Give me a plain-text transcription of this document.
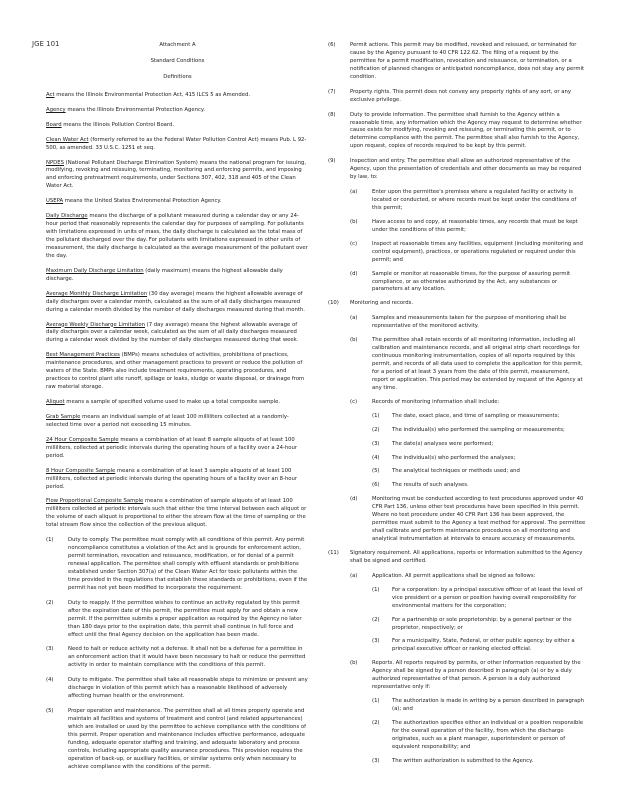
JGE 101	Attachment A
Standard Conditions
Definitions
Act means the Illinois Environmental Protection Act, 415 ILCS 5 as Amended.
Agency means the Illinois Environmental Protection Agency.
Board means the Illinois Pollution Control Board.
Clean Water Act (formerly referred to as the Federal Water Pollution Control Act) means Pub. L 92-500, as amended. 33 U.S.C. 1251 et seq.
NPDES (National Pollutant Discharge Elimination System) means the national program for issuing, modifying, revoking and reissuing, terminating, monitoring and enforcing permits, and imposing and enforcing pretreatment requirements, under Sections 307, 402, 318 and 405 of the Clean Water Act.
USEPA means the United States Environmental Protection Agency.
Daily Discharge means the discharge of a pollutant measured during a calendar day or any 24-hour period that reasonably represents the calendar day for purposes of sampling. For pollutants with limitations expressed in units of mass, the daily discharge is calculated as the total mass of the pollutant discharged over the day. For pollutants with limitations expressed in other units of measurement, the daily discharge is calculated as the average measurement of the pollutant over the day.
Maximum Daily Discharge Limitation (daily maximum) means the highest allowable daily discharge.
Average Monthly Discharge Limitation (30 day average) means the highest allowable average of daily discharges over a calendar month, calculated as the sum of all daily discharges measured during a calendar month divided by the number of daily discharges measured during that month.
Average Weekly Discharge Limitation (7 day average) means the highest allowable average of daily discharges over a calendar week, calculated as the sum of all daily discharges measured during a calendar week divided by the number of daily discharges measured during that week.
Best Management Practices (BMPs) means schedules of activities, prohibitions of practices, maintenance procedures, and other management practices to prevent or reduce the pollution of waters of the State. BMPs also include treatment requirements, operating procedures, and practices to control plant site runoff, spillage or leaks, sludge or waste disposal, or drainage from raw material storage.
Aliquot means a sample of specified volume used to make up a total composite sample.
Grab Sample means an individual sample of at least 100 milliliters collected at a randomly-selected time over a period not exceeding 15 minutes.
24 Hour Composite Sample means a combination of at least 8 sample aliquots of at least 100 milliliters, collected at periodic intervals during the operating hours of a facility over a 24-hour period.
8 Hour Composite Sample means a combination of at least 3 sample aliquots of at least 100 milliliters, collected at periodic intervals during the operating hours of a facility over an 8-hour period.
Flow Proportional Composite Sample means a combination of sample aliquots of at least 100 milliliters collected at periodic intervals such that either the time interval between each aliquot or the volume of each aliquot is proportional to either the stream flow at the time of sampling or the total stream flow since the collection of the previous aliquot.
(1)	Duty to comply. The permittee must comply with all conditions of this permit. Any permit noncompliance constitutes a violation of the Act and is grounds for enforcement action, permit termination, revocation and reissuance, modification, or for denial of a permit renewal application. The permittee shall comply with effluent standards or prohibitions established under Section 307(a) of the Clean Water Act for toxic pollutants within the time provided in the regulations that establish these standards or prohibitions, even if the permit has not yet been modified to incorporate the requirement.
(2)	Duty to reapply. If the permittee wishes to continue an activity regulated by this permit after the expiration date of this permit, the permittee must apply for and obtain a new permit. If the permittee submits a proper application as required by the Agency no later than 180 days prior to the expiration date, this permit shall continue in full force and effect until the final Agency decision on the application has been made.
(3)	Need to halt or reduce activity not a defense. It shall not be a defense for a permittee in an enforcement action that it would have been necessary to halt or reduce the permitted activity in order to maintain compliance with the conditions of this permit.
(4)	Duty to mitigate. The permittee shall take all reasonable steps to minimize or prevent any discharge in violation of this permit which has a reasonable likelihood of adversely affecting human health or the environment.
(5)	Proper operation and maintenance. The permittee shall at all times properly operate and maintain all facilities and systems of treatment and control (and related appurtenances) which are installed or used by the permittee to achieve compliance with the conditions of this permit. Proper operation and maintenance includes effective performance, adequate funding, adequate operator staffing and training, and adequate laboratory and process controls, including appropriate quality assurance procedures. This provision requires the operation of back-up, or auxiliary facilities, or similar systems only when necessary to achieve compliance with the conditions of the permit.
(6)	Permit actions. This permit may be modified, revoked and reissued, or terminated for cause by the Agency pursuant to 40 CFR 122.62. The filing of a request by the permittee for a permit modification, revocation and reissuance, or termination, or a notification of planned changes or anticipated noncompliance, does not stay any permit condition.
(7)	Property rights. This permit does not convey any property rights of any sort, or any exclusive privilege.
(8)	Duty to provide information. The permittee shall furnish to the Agency within a reasonable time, any information which the Agency may request to determine whether cause exists for modifying, revoking and reissuing, or terminating this permit, or to determine compliance with the permit. The permittee shall also furnish to the Agency, upon request, copies of records required to be kept by this permit.
(9)	Inspection and entry. The permittee shall allow an authorized representative of the Agency, upon the presentation of credentials and other documents as may be required by law, to:
(a)	Enter upon the permittee's premises where a regulated facility or activity is located or conducted, or where records must be kept under the conditions of this permit;
(b)	Have access to and copy, at reasonable times, any records that must be kept under the conditions of this permit;
(c)	Inspect at reasonable times any facilities, equipment (including monitoring and control equipment), practices, or operations regulated or required under this permit; and
(d)	Sample or monitor at reasonable times, for the purpose of assuring permit compliance, or as otherwise authorized by the Act, any substances or parameters at any location.
(10)	Monitoring and records.
(a)	Samples and measurements taken for the purpose of monitoring shall be representative of the monitored activity.
(b)	The permittee shall retain records of all monitoring information, including all calibration and maintenance records, and all original strip chart recordings for continuous monitoring instrumentation, copies of all reports required by this permit, and records of all data used to complete the application for this permit, for a period of at least 3 years from the date of this permit, measurement, report or application. This period may be extended by request of the Agency at any time.
(c)	Records of monitoring information shall include:
(1)	The date, exact place, and time of sampling or measurements;
(2)	The individual(s) who performed the sampling or measurements;
(3)	The date(s) analyses were performed;
(4)	The individual(s) who performed the analyses;
(5)	The analytical techniques or methods used; and
(6)	The results of such analyses.
(d)	Monitoring must be conducted according to test procedures approved under 40 CFR Part 136, unless other test procedures have been specified in this permit. Where no test procedure under 40 CFR Part 136 has been approved, the permittee must submit to the Agency a test method for approval. The permittee shall calibrate and perform maintenance procedures on all monitoring and analytical instrumentation at intervals to ensure accuracy of measurements.
(11)	Signatory requirement. All applications, reports or information submitted to the Agency shall be signed and certified.
(a)	Application. All permit applications shall be signed as follows:
(1)	For a corporation: by a principal executive officer of at least the level of vice president or a person or position having overall responsibility for environmental matters for the corporation;
(2)	For a partnership or sole proprietorship: by a general partner or the proprietor, respectively; or
(3)	For a municipality, State, Federal, or other public agency: by either a principal executive officer or ranking elected official.
(b)	Reports. All reports required by permits, or other information requested by the Agency shall be signed by a person described in paragraph (a) or by a duly authorized representative of that person. A person is a duly authorized representative only if:
(1)	The authorization is made in writing by a person described in paragraph (a); and
(2)	The authorization specifies either an individual or a position responsible for the overall operation of the facility, from which the discharge originates, such as a plant manager, superintendent or person of equivalent responsibility; and
(3)	The written authorization is submitted to the Agency.
